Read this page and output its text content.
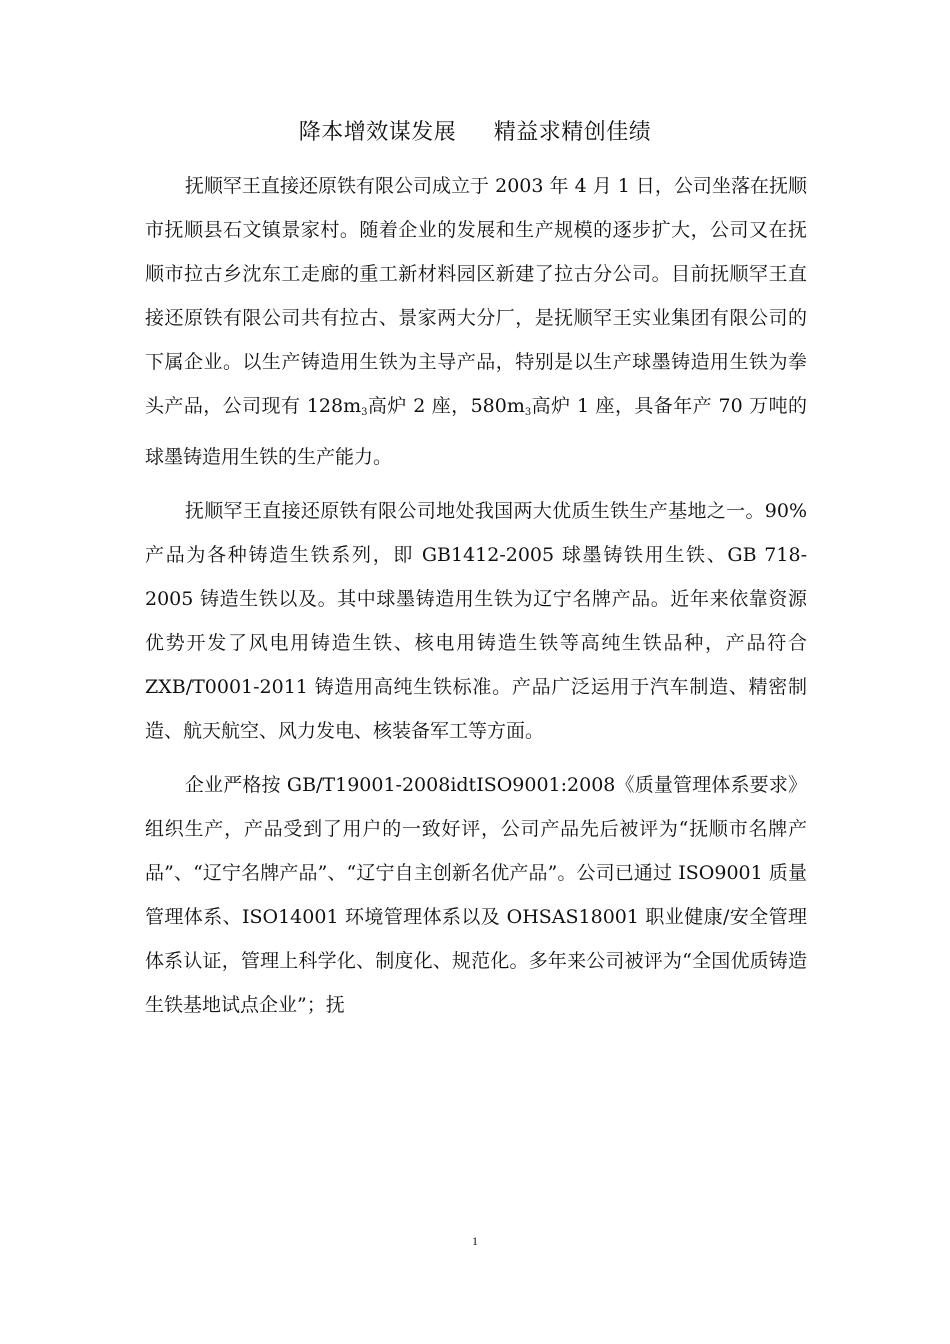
降本增效谋发展     精益求精创佳绩

抚顺罕王直接还原铁有限公司成立于 2003 年 4 月 1 日，公司坐落在抚顺市抚顺县石文镇景家村。随着企业的发展和生产规模的逐步扩大，公司又在抚顺市拉古乡沈东工走廊的重工新材料园区新建了拉古分公司。目前抚顺罕王直接还原铁有限公司共有拉古、景家两大分厂，是抚顺罕王实业集团有限公司的下属企业。以生产铸造用生铁为主导产品，特别是以生产球墨铸造用生铁为拳头产品，公司现有 128m3高炉 2 座，580m3高炉 1 座，具备年产 70 万吨的球墨铸造用生铁的生产能力。

抚顺罕王直接还原铁有限公司地处我国两大优质生铁生产基地之一。90%产品为各种铸造生铁系列，即 GB1412-2005 球墨铸铁用生铁、GB 718-2005 铸造生铁以及。其中球墨铸造用生铁为辽宁名牌产品。近年来依靠资源优势开发了风电用铸造生铁、核电用铸造生铁等高纯生铁品种，产品符合 ZXB/T0001-2011 铸造用高纯生铁标准。产品广泛运用于汽车制造、精密制造、航天航空、风力发电、核装备军工等方面。

企业严格按 GB/T19001-2008idtISO9001:2008《质量管理体系要求》组织生产，产品受到了用户的一致好评，公司产品先后被评为“抚顺市名牌产品”、“辽宁名牌产品”、“辽宁自主创新名优产品”。公司已通过 ISO9001 质量管理体系、ISO14001 环境管理体系以及 OHSAS18001 职业健康/安全管理体系认证，管理上科学化、制度化、规范化。多年来公司被评为“全国优质铸造生铁基地试点企业”；抚

1
